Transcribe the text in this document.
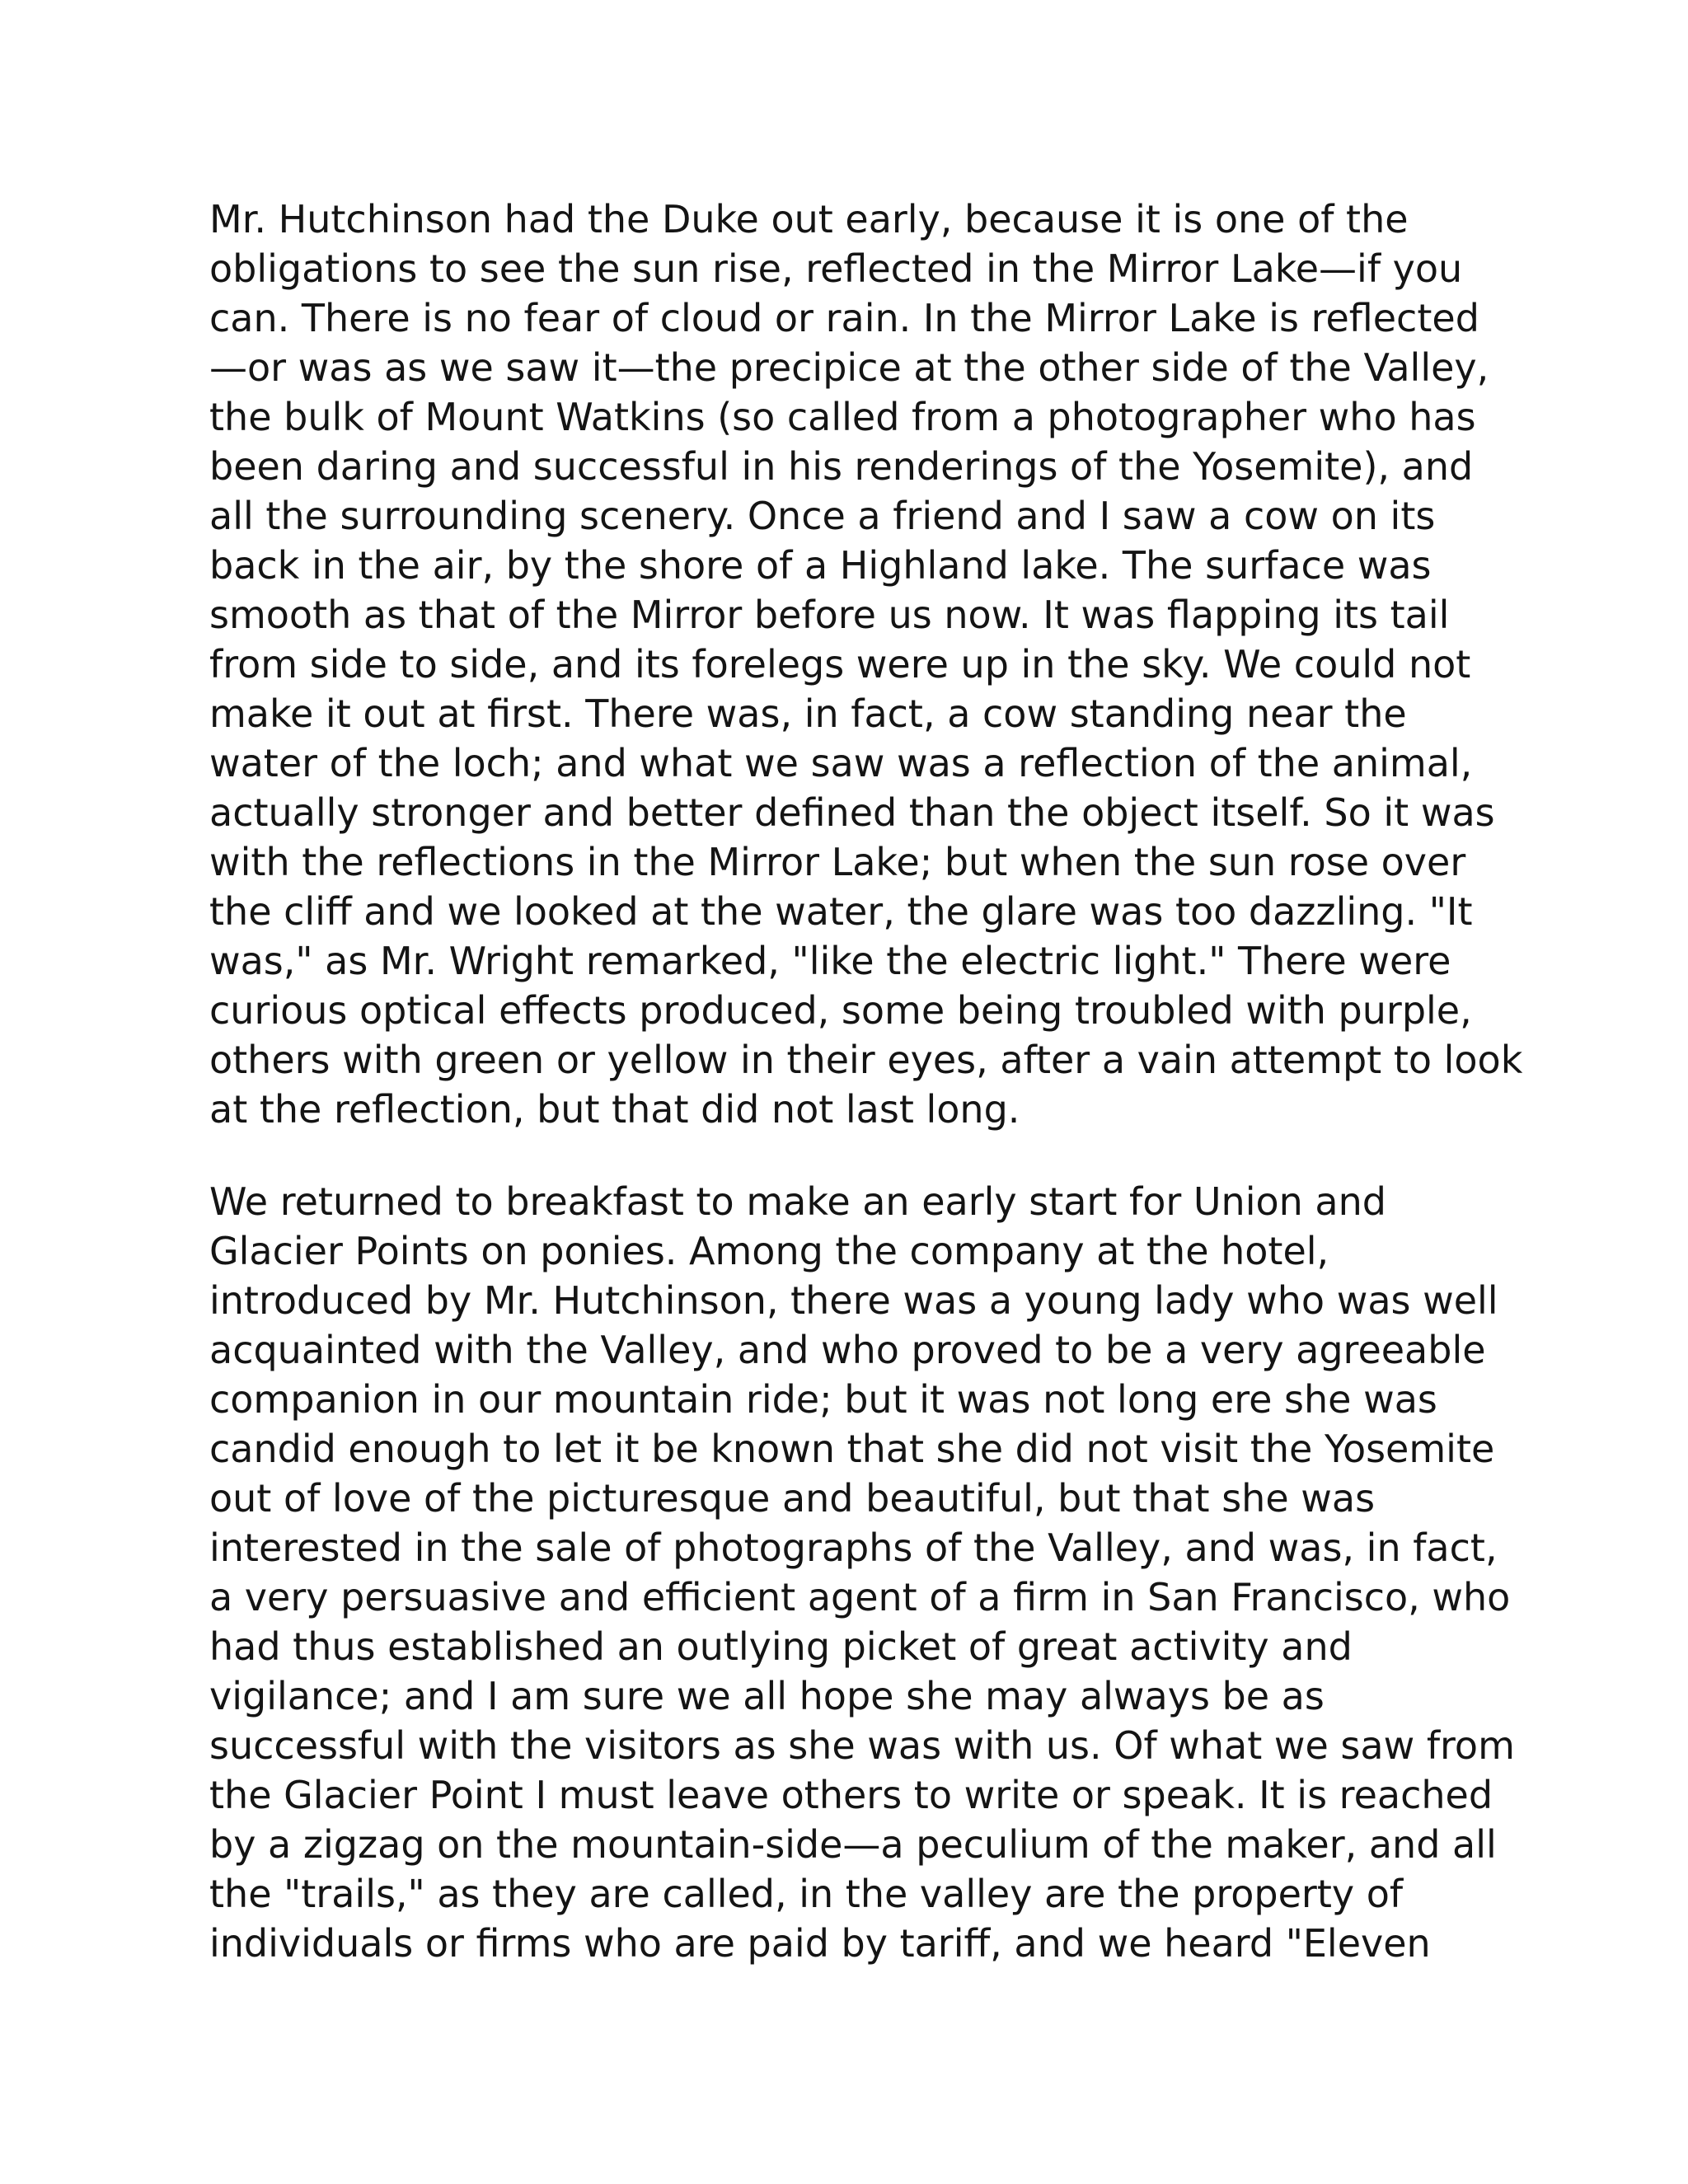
Mr. Hutchinson had the Duke out early, because it is one of the
obligations to see the sun rise, reflected in the Mirror Lake—if you
can. There is no fear of cloud or rain. In the Mirror Lake is reflected
—or was as we saw it—the precipice at the other side of the Valley,
the bulk of Mount Watkins (so called from a photographer who has
been daring and successful in his renderings of the Yosemite), and
all the surrounding scenery. Once a friend and I saw a cow on its
back in the air, by the shore of a Highland lake. The surface was
smooth as that of the Mirror before us now. It was flapping its tail
from side to side, and its forelegs were up in the sky. We could not
make it out at first. There was, in fact, a cow standing near the
water of the loch; and what we saw was a reflection of the animal,
actually stronger and better defined than the object itself. So it was
with the reflections in the Mirror Lake; but when the sun rose over
the cliff and we looked at the water, the glare was too dazzling. "It
was," as Mr. Wright remarked, "like the electric light." There were
curious optical effects produced, some being troubled with purple,
others with green or yellow in their eyes, after a vain attempt to look
at the reflection, but that did not last long.
We returned to breakfast to make an early start for Union and
Glacier Points on ponies. Among the company at the hotel,
introduced by Mr. Hutchinson, there was a young lady who was well
acquainted with the Valley, and who proved to be a very agreeable
companion in our mountain ride; but it was not long ere she was
candid enough to let it be known that she did not visit the Yosemite
out of love of the picturesque and beautiful, but that she was
interested in the sale of photographs of the Valley, and was, in fact,
a very persuasive and efficient agent of a firm in San Francisco, who
had thus established an outlying picket of great activity and
vigilance; and I am sure we all hope she may always be as
successful with the visitors as she was with us. Of what we saw from
the Glacier Point I must leave others to write or speak. It is reached
by a zigzag on the mountain-side—a peculium of the maker, and all
the "trails," as they are called, in the valley are the property of
individuals or firms who are paid by tariff, and we heard "Eleven
